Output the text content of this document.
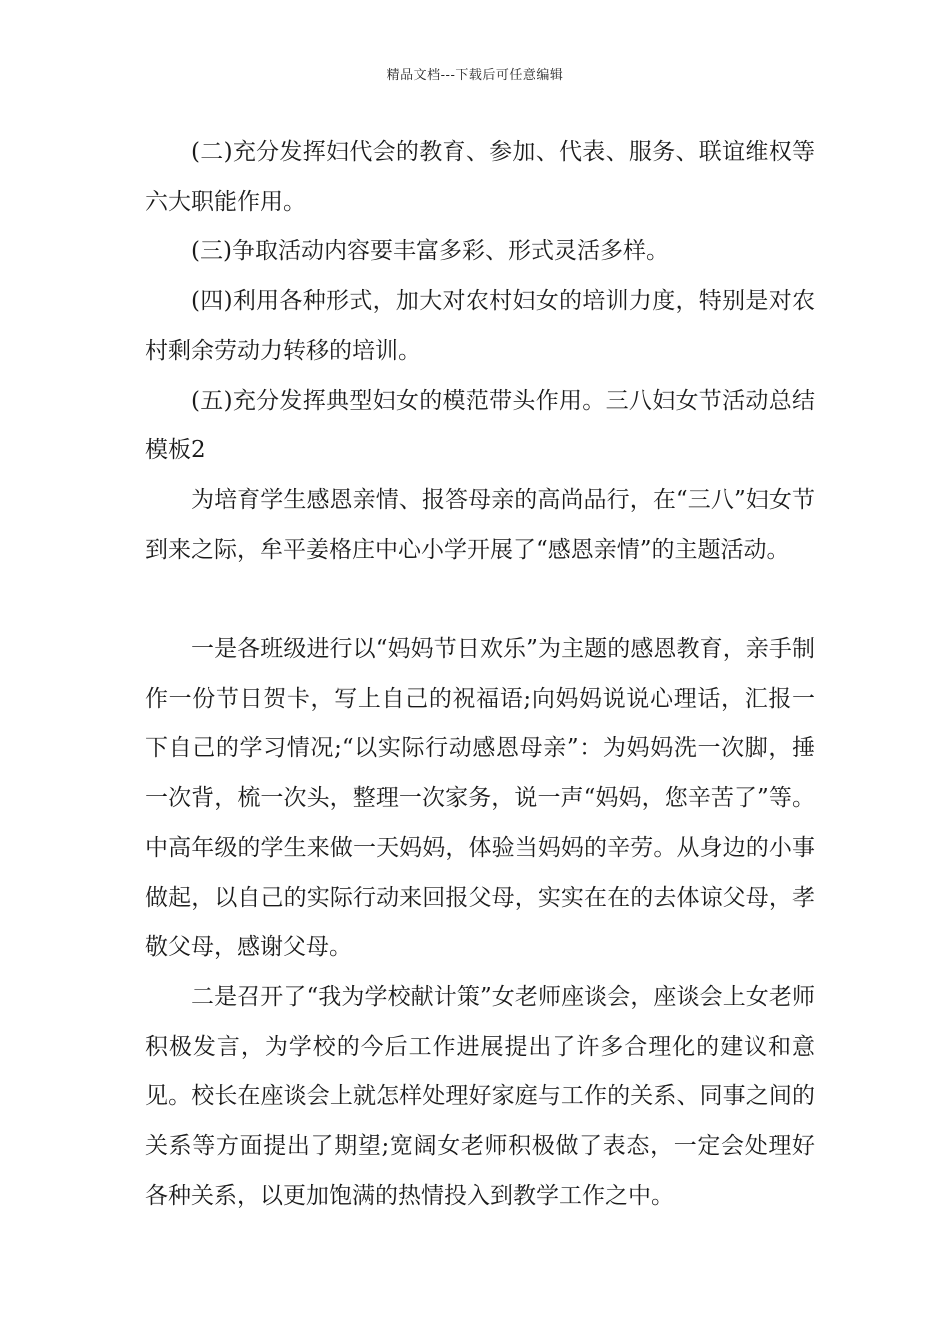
精品文档---下载后可任意编辑

(二)充分发挥妇代会的教育、参加、代表、服务、联谊维权等六大职能作用。

(三)争取活动内容要丰富多彩、形式灵活多样。

(四)利用各种形式，加大对农村妇女的培训力度，特别是对农村剩余劳动力转移的培训。

(五)充分发挥典型妇女的模范带头作用。三八妇女节活动总结模板2

为培育学生感恩亲情、报答母亲的高尚品行，在“三八”妇女节到来之际，牟平姜格庄中心小学开展了“感恩亲情”的主题活动。

一是各班级进行以“妈妈节日欢乐”为主题的感恩教育，亲手制作一份节日贺卡，写上自己的祝福语;向妈妈说说心理话，汇报一下自己的学习情况;“以实际行动感恩母亲”：为妈妈洗一次脚，捶一次背，梳一次头，整理一次家务，说一声“妈妈，您辛苦了”等。中高年级的学生来做一天妈妈，体验当妈妈的辛劳。从身边的小事做起，以自己的实际行动来回报父母，实实在在的去体谅父母，孝敬父母，感谢父母。

二是召开了“我为学校献计策”女老师座谈会，座谈会上女老师积极发言，为学校的今后工作进展提出了许多合理化的建议和意见。校长在座谈会上就怎样处理好家庭与工作的关系、同事之间的关系等方面提出了期望;宽阔女老师积极做了表态，一定会处理好各种关系，以更加饱满的热情投入到教学工作之中。
